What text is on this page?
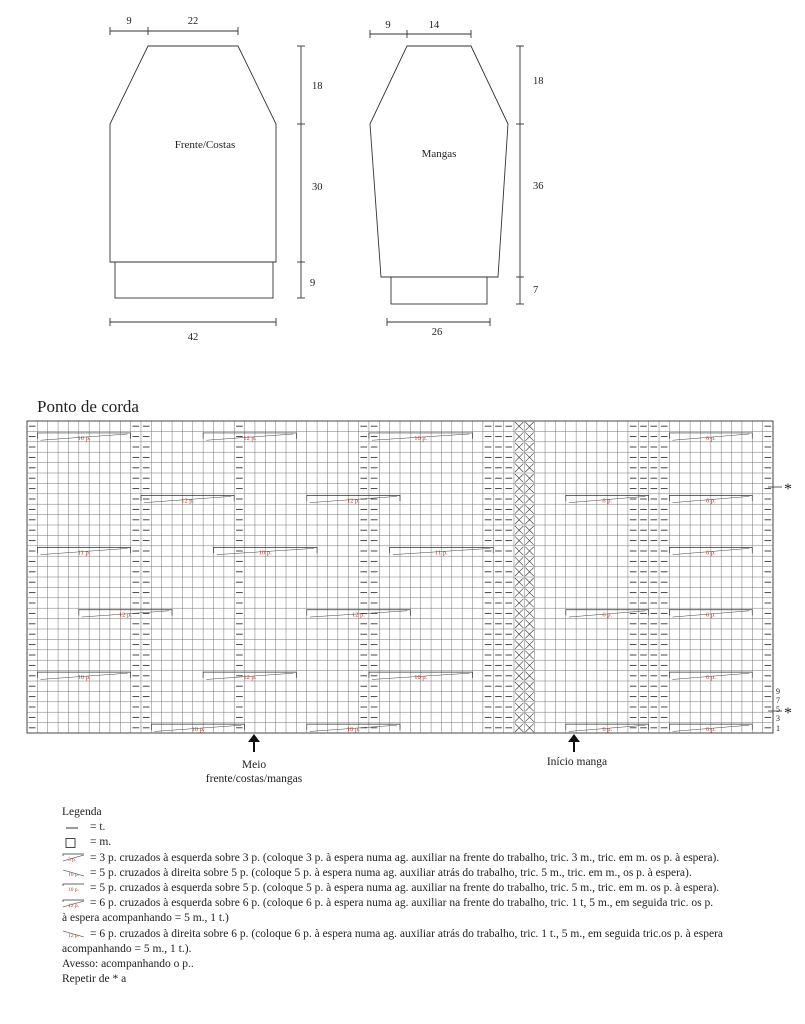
9	22
18
30
9
42
Frente/Costas
9	14
18
36
7
26
Mangas
Ponto de corda
10 p.	12 p.	10 p.	6 p.
12 p.	12 p.	6 p.	6 p.
11 p.	10 p.	11 p.	6 p.
12 p.	12 p.	6 p.	6 p.
10 p.	12 p.	10 p.	6 p.
10 p.	10 p.	6 p.	6 p.
9
7
5
3
1
*
*
Meio
frente/costas/mangas
Início manga
Legenda
= t.
= m.
3 p. = 3 p. cruzados à esquerda sobre 3 p. (coloque 3 p. à espera numa ag. auxiliar na frente do trabalho, tric. 3 m., tric. em m. os p. à espera).
10 p. = 5 p. cruzados à direita sobre 5 p. (coloque 5 p. à espera numa ag. auxiliar atrás do trabalho, tric. 5 m., tric. em m., os p. à espera).
10 p. = 5 p. cruzados à esquerda sobre 5 p. (coloque 5 p. à espera numa ag. auxiliar na frente do trabalho, tric. 5 m., tric. em m. os p. à espera).
12 p. = 6 p. cruzados à esquerda sobre 6 p. (coloque 6 p. à espera numa ag. auxiliar na frente do trabalho, tric. 1 t, 5 m., em seguida tric. os p.
à espera acompanhando = 5 m., 1 t.)
12 p. = 6 p. cruzados à direita sobre 6 p. (coloque 6 p. à espera numa ag. auxiliar atrás do trabalho, tric. 1 t., 5 m., em seguida tric.os p. à espera
acompanhando = 5 m., 1 t.).
Avesso: acompanhando o p..
Repetir de * a
